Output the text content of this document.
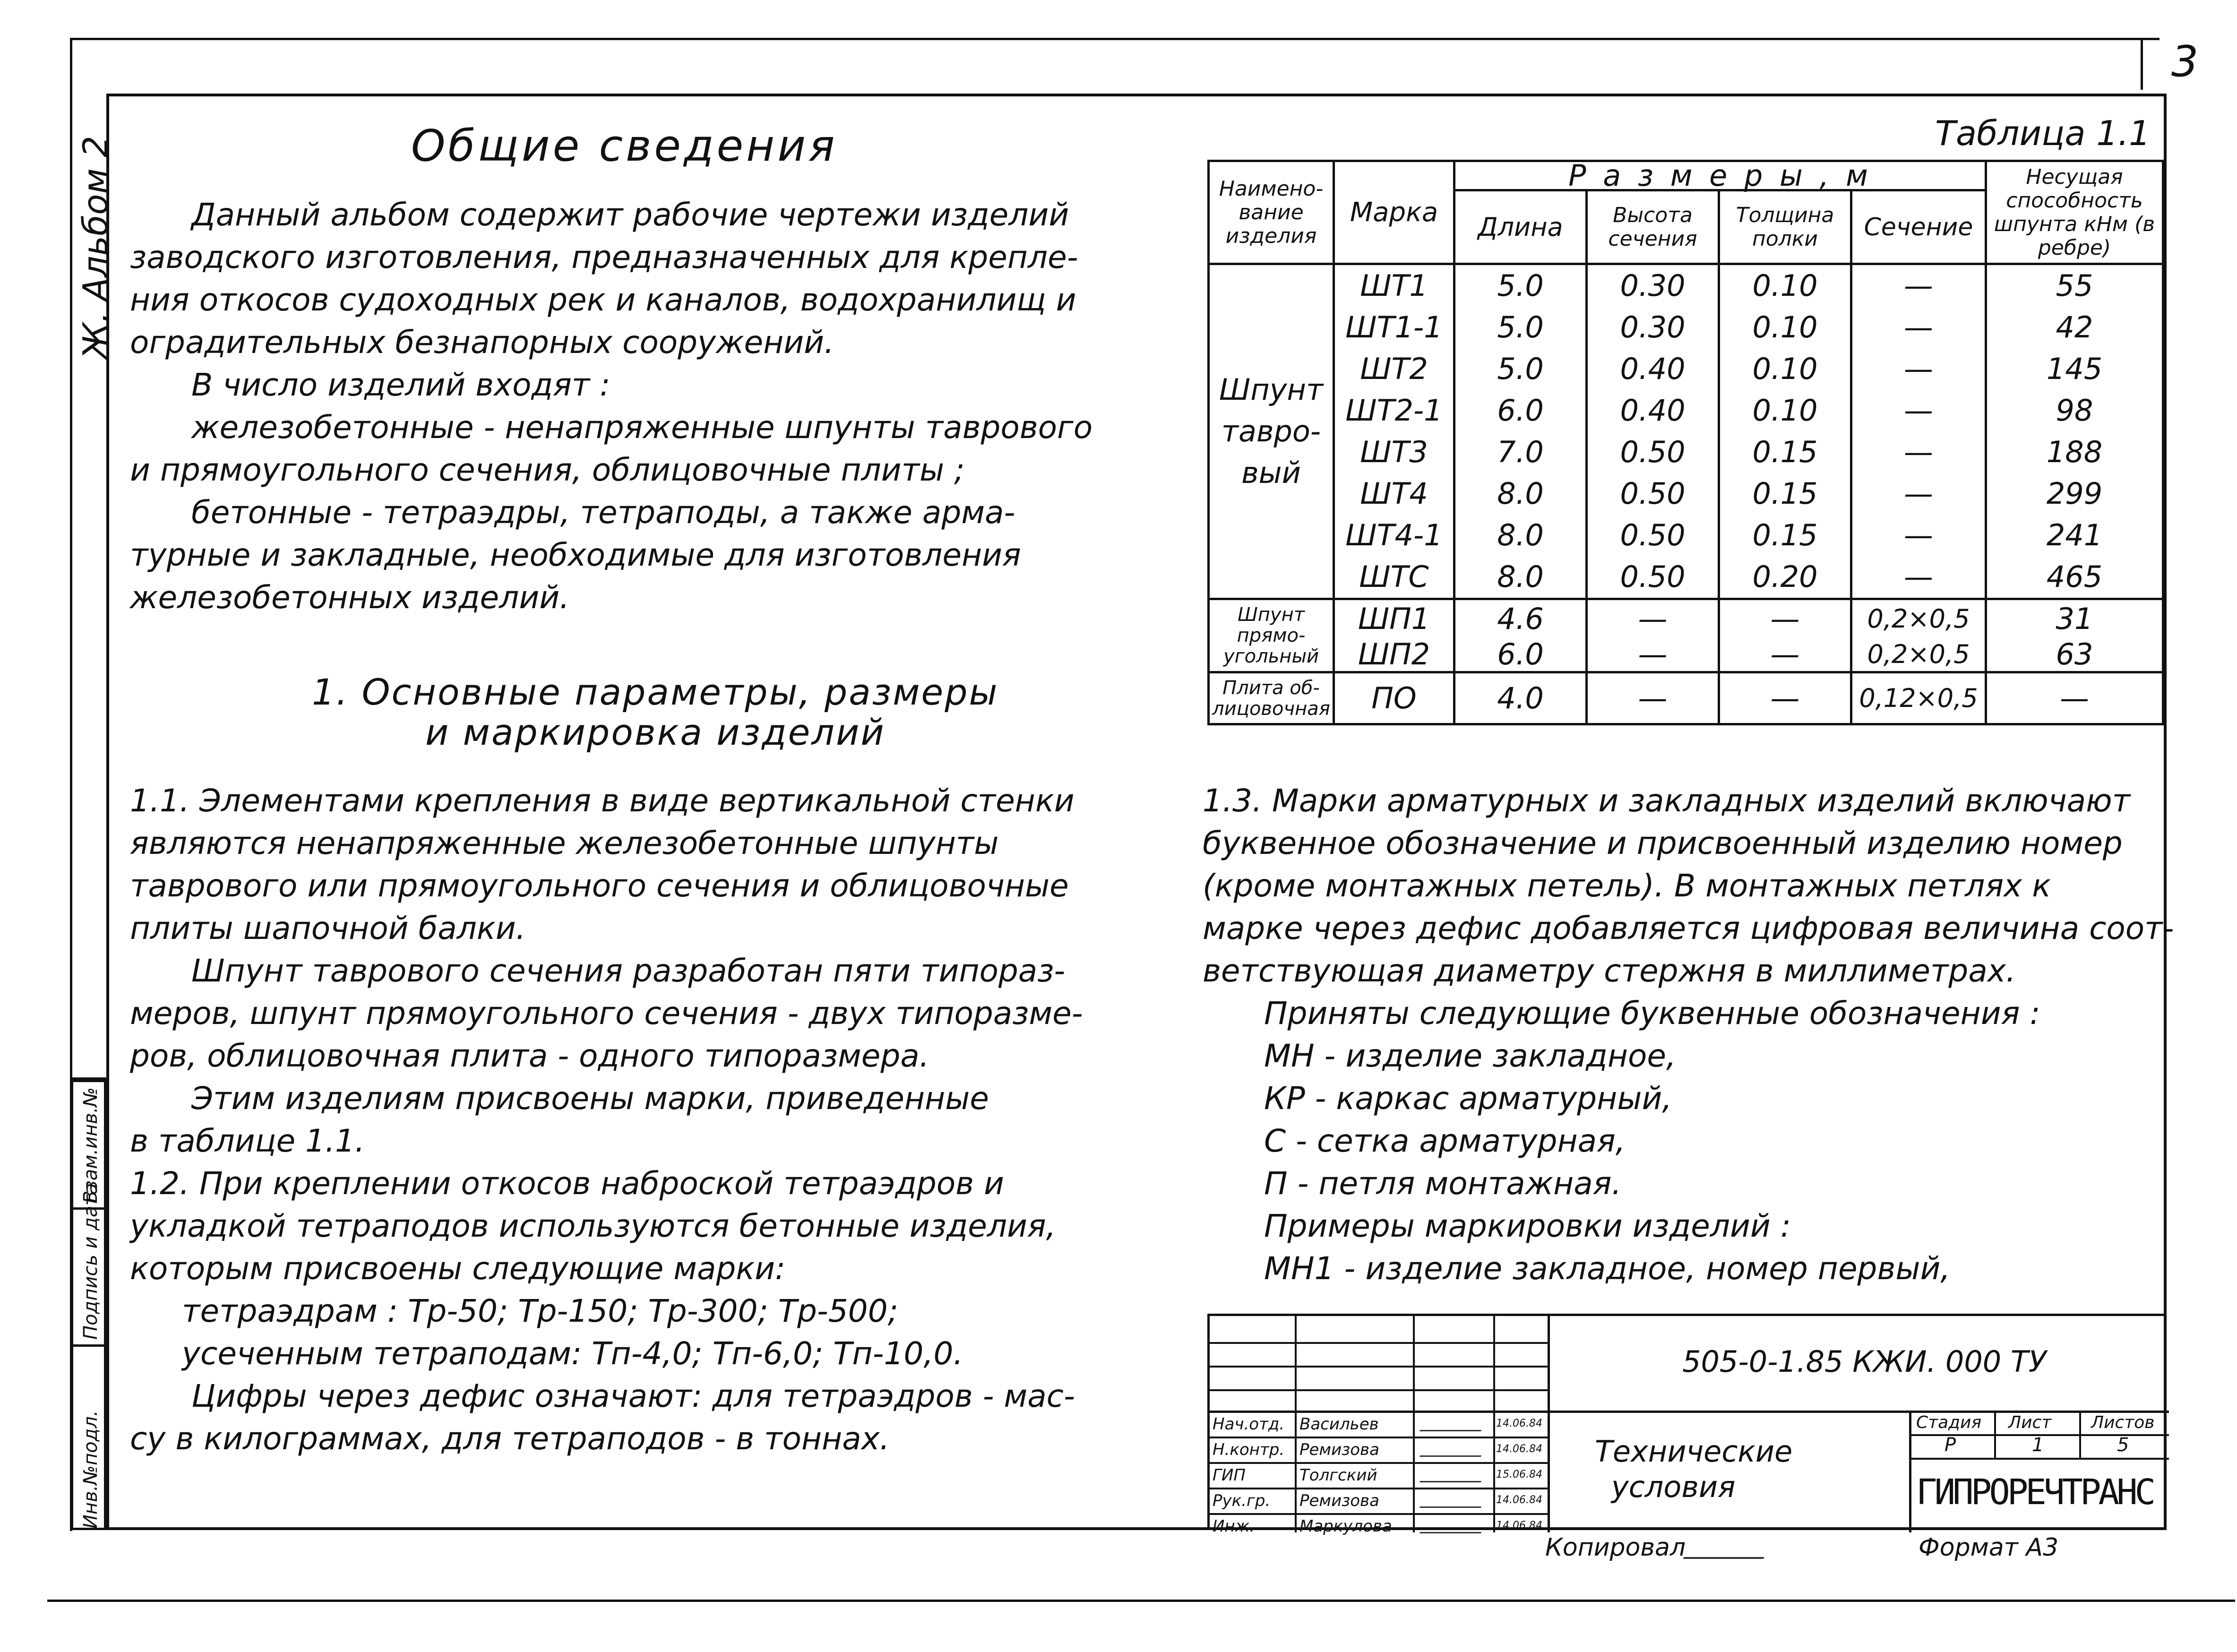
3
Ж. Альбом 2
Инв.№подл.
Подпись и дата
Взам.инв.№
Общие сведения
Данный альбом содержит рабочие чертежи изделий
заводского изготовления, предназначенных для крепле-
ния откосов судоходных рек и каналов, водохранилищ и
оградительных безнапорных сооружений.
В число изделий входят :
железобетонные - ненапряженные шпунты таврового
и прямоугольного сечения, облицовочные плиты ;
бетонные - тетраэдры, тетраподы, а также арма-
турные и закладные, необходимые для изготовления
железобетонных изделий.
1. Основные параметры, размеры
и маркировка изделий
1.1. Элементами крепления в виде вертикальной стенки
являются ненапряженные железобетонные шпунты
таврового или прямоугольного сечения и облицовочные
плиты шапочной балки.
Шпунт таврового сечения разработан пяти типораз-
меров, шпунт прямоугольного сечения - двух типоразме-
ров, облицовочная плита - одного типоразмера.
Этим изделиям присвоены марки, приведенные
в таблице 1.1.
1.2. При креплении откосов наброской тетраэдров и
укладкой тетраподов используются бетонные изделия,
которым присвоены следующие марки:
тетраэдрам : Тр-50; Тр-150; Тр-300; Тр-500;
усеченным тетраподам: Тп-4,0; Тп-6,0; Тп-10,0.
Цифры через дефис означают: для тетраэдров - мас-
су в килограммах, для тетраподов - в тоннах.
1.3. Марки арматурных и закладных изделий включают
буквенное обозначение и присвоенный изделию номер
(кроме монтажных петель). В монтажных петлях к
марке через дефис добавляется цифровая величина соот-
ветствующая диаметру стержня в миллиметрах.
Приняты следующие буквенные обозначения :
МН - изделие закладное,
КР - каркас арматурный,
С - сетка арматурная,
П - петля монтажная.
Примеры маркировки изделий :
МН1 - изделие закладное, номер первый,
Таблица 1.1
Наимено-вание изделия	Марка	Р а з м е р ы , м				Несущая способность шпунта кНм (в ребре)
		Длина	Высота сечения	Толщина полки	Сечение	
Шпунт тавро-вый	ШТ1	5.0	0.30	0.10	—	55
	ШТ1-1	5.0	0.30	0.10	—	42
	ШТ2	5.0	0.40	0.10	—	145
	ШТ2-1	6.0	0.40	0.10	—	98
	ШТ3	7.0	0.50	0.15	—	188
	ШТ4	8.0	0.50	0.15	—	299
	ШТ4-1	8.0	0.50	0.15	—	241
	ШТС	8.0	0.50	0.20	—	465
Шпунт прямо-угольный	ШП1	4.6	—	—	0,2×0,5	31
	ШП2	6.0	—	—	0,2×0,5	63
Плита об-лицовочная	ПО	4.0	—	—	0,12×0,5	—
505-0-1.85 КЖИ. 000 ТУ
Технические
условия
Стадия Лист Листов
Р	1	5
ГИПРОРЕЧТРАНС
Нач.отд. Васильев	14.06.84
Н.контр. Ремизова	14.06.84
ГИП	Толгский	15.06.84
Рук.гр. Ремизова	14.06.84
Инж.	Маркулова	14.06.84
Копировал	Формат А3
